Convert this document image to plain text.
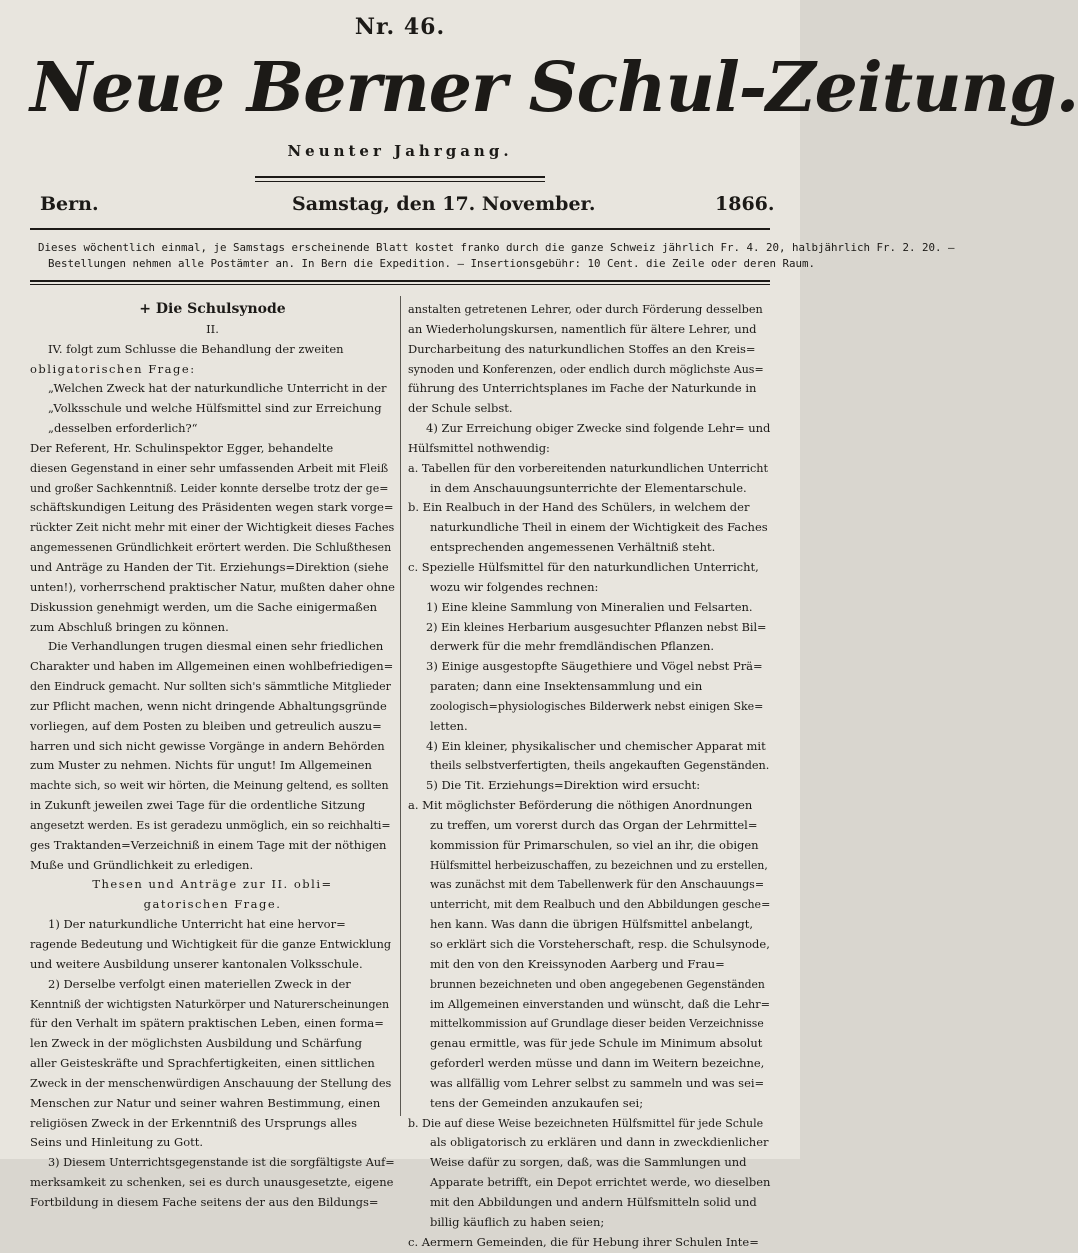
Nr. 46.
Neue Berner Schul-Zeitung.
Neunter Jahrgang.
Bern.	Samstag, den 17. November.	1866.
Dieses wöchentlich einmal, je Samstags erscheinende Blatt kostet franko durch die ganze Schweiz jährlich Fr. 4. 20, halbjährlich Fr. 2. 20. —
Bestellungen nehmen alle Postämter an. In Bern die Expedition. — Insertionsgebühr: 10 Cent. die Zeile oder deren Raum.
+ Die Schulsynode
II.
IV. folgt zum Schlusse die Behandlung der zweiten
obligatorischen Frage:
„Welchen Zweck hat der naturkundliche Unterricht in der
„Volksschule und welche Hülfsmittel sind zur Erreichung
„desselben erforderlich?“
Der Referent, Hr. Schulinspektor Egger, behandelte
diesen Gegenstand in einer sehr umfassenden Arbeit mit Fleiß
und großer Sachkenntniß. Leider konnte derselbe trotz der ge=
schäftskundigen Leitung des Präsidenten wegen stark vorge=
rückter Zeit nicht mehr mit einer der Wichtigkeit dieses Faches
angemessenen Gründlichkeit erörtert werden. Die Schlußthesen
und Anträge zu Handen der Tit. Erziehungs=Direktion (siehe
unten!), vorherrschend praktischer Natur, mußten daher ohne
Diskussion genehmigt werden, um die Sache einigermaßen
zum Abschluß bringen zu können.
Die Verhandlungen trugen diesmal einen sehr friedlichen
Charakter und haben im Allgemeinen einen wohlbefriedigen=
den Eindruck gemacht. Nur sollten sich's sämmtliche Mitglieder
zur Pflicht machen, wenn nicht dringende Abhaltungsgründe
vorliegen, auf dem Posten zu bleiben und getreulich auszu=
harren und sich nicht gewisse Vorgänge in andern Behörden
zum Muster zu nehmen. Nichts für ungut! Im Allgemeinen
machte sich, so weit wir hörten, die Meinung geltend, es sollten
in Zukunft jeweilen zwei Tage für die ordentliche Sitzung
angesetzt werden. Es ist geradezu unmöglich, ein so reichhalti=
ges Traktanden=Verzeichniß in einem Tage mit der nöthigen
Muße und Gründlichkeit zu erledigen.
Thesen und Anträge zur II. obli=
gatorischen Frage.
1) Der naturkundliche Unterricht hat eine hervor=
ragende Bedeutung und Wichtigkeit für die ganze Entwicklung
und weitere Ausbildung unserer kantonalen Volksschule.
2) Derselbe verfolgt einen materiellen Zweck in der
Kenntniß der wichtigsten Naturkörper und Naturerscheinungen
für den Verhalt im spätern praktischen Leben, einen forma=
len Zweck in der möglichsten Ausbildung und Schärfung
aller Geisteskräfte und Sprachfertigkeiten, einen sittlichen
Zweck in der menschenwürdigen Anschauung der Stellung des
Menschen zur Natur und seiner wahren Bestimmung, einen
religiösen Zweck in der Erkenntniß des Ursprungs alles
Seins und Hinleitung zu Gott.
3) Diesem Unterrichtsgegenstande ist die sorgfältigste Auf=
merksamkeit zu schenken, sei es durch unausgesetzte, eigene
Fortbildung in diesem Fache seitens der aus den Bildungs=
anstalten getretenen Lehrer, oder durch Förderung desselben
an Wiederholungskursen, namentlich für ältere Lehrer, und
Durcharbeitung des naturkundlichen Stoffes an den Kreis=
synoden und Konferenzen, oder endlich durch möglichste Aus=
führung des Unterrichtsplanes im Fache der Naturkunde in
der Schule selbst.
4) Zur Erreichung obiger Zwecke sind folgende Lehr= und
Hülfsmittel nothwendig:
a. Tabellen für den vorbereitenden naturkundlichen Unterricht
in dem Anschauungsunterrichte der Elementarschule.
b. Ein Realbuch in der Hand des Schülers, in welchem der
naturkundliche Theil in einem der Wichtigkeit des Faches
entsprechenden angemessenen Verhältniß steht.
c. Spezielle Hülfsmittel für den naturkundlichen Unterricht,
wozu wir folgendes rechnen:
1) Eine kleine Sammlung von Mineralien und Felsarten.
2) Ein kleines Herbarium ausgesuchter Pflanzen nebst Bil=
derwerk für die mehr fremdländischen Pflanzen.
3) Einige ausgestopfte Säugethiere und Vögel nebst Prä=
paraten; dann eine Insektensammlung und ein
zoologisch=physiologisches Bilderwerk nebst einigen Ske=
letten.
4) Ein kleiner, physikalischer und chemischer Apparat mit
theils selbstverfertigten, theils angekauften Gegenständen.
5) Die Tit. Erziehungs=Direktion wird ersucht:
a. Mit möglichster Beförderung die nöthigen Anordnungen
zu treffen, um vorerst durch das Organ der Lehrmittel=
kommission für Primarschulen, so viel an ihr, die obigen
Hülfsmittel herbeizuschaffen, zu bezeichnen und zu erstellen,
was zunächst mit dem Tabellenwerk für den Anschauungs=
unterricht, mit dem Realbuch und den Abbildungen gesche=
hen kann. Was dann die übrigen Hülfsmittel anbelangt,
so erklärt sich die Vorsteherschaft, resp. die Schulsynode,
mit den von den Kreissynoden Aarberg und Frau=
brunnen bezeichneten und oben angegebenen Gegenständen
im Allgemeinen einverstanden und wünscht, daß die Lehr=
mittelkommission auf Grundlage dieser beiden Verzeichnisse
genau ermittle, was für jede Schule im Minimum absolut
geforderl werden müsse und dann im Weitern bezeichne,
was allfällig vom Lehrer selbst zu sammeln und was sei=
tens der Gemeinden anzukaufen sei;
b. Die auf diese Weise bezeichneten Hülfsmittel für jede Schule
als obligatorisch zu erklären und dann in zweckdienlicher
Weise dafür zu sorgen, daß, was die Sammlungen und
Apparate betrifft, ein Depot errichtet werde, wo dieselben
mit den Abbildungen und andern Hülfsmitteln solid und
billig käuflich zu haben seien;
c. Aermern Gemeinden, die für Hebung ihrer Schulen Inte=
